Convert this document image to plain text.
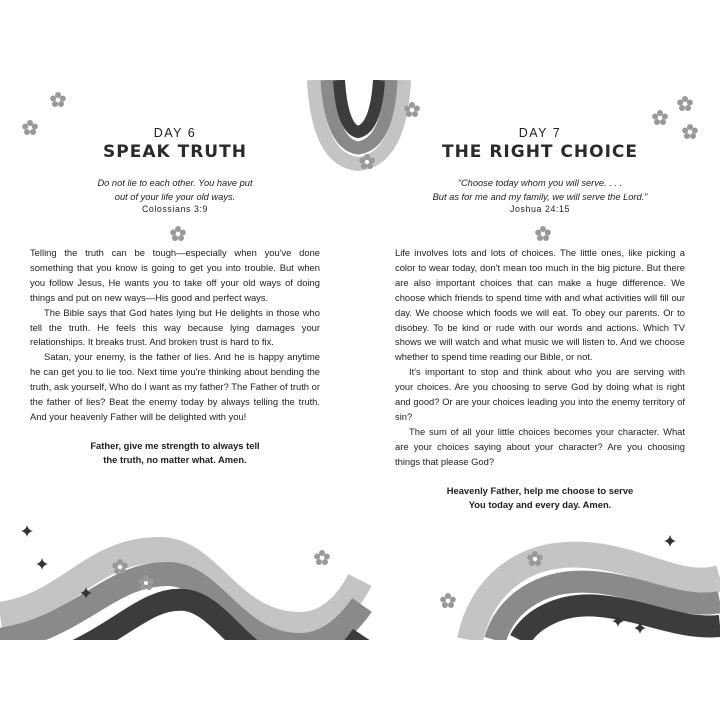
DAY 6
SPEAK TRUTH
Do not lie to each other. You have put
out of your life your old ways.
Colossians 3:9

Telling the truth can be tough—especially when you've done something that you know is going to get you into trouble. But when you follow Jesus, He wants you to take off your old ways of doing things and put on new ways—His good and perfect ways.

The Bible says that God hates lying but He delights in those who tell the truth. He feels this way because lying damages your relationships. It breaks trust. And broken trust is hard to fix.

Satan, your enemy, is the father of lies. And he is happy anytime he can get you to lie too. Next time you're thinking about bending the truth, ask yourself, Who do I want as my father? The Father of truth or the father of lies? Beat the enemy today by always telling the truth. And your heavenly Father will be delighted with you!

Father, give me strength to always tell
the truth, no matter what. Amen.
DAY 7
THE RIGHT CHOICE
“Choose today whom you will serve. . . .
But as for me and my family, we will serve the Lord.”
Joshua 24:15

Life involves lots and lots of choices. The little ones, like picking a color to wear today, don't mean too much in the big picture. But there are also important choices that can make a huge difference. We choose which friends to spend time with and what activities will fill our day. We choose which foods we will eat. To obey our parents. Or to disobey. To be kind or rude with our words and actions. Which TV shows we will watch and what music we will listen to. And we choose whether to spend time reading our Bible, or not.

It's important to stop and think about who you are serving with your choices. Are you choosing to serve God by doing what is right and good? Or are your choices leading you into the enemy territory of sin?

The sum of all your little choices becomes your character. What are your choices saying about your character? Are you choosing things that please God?

Heavenly Father, help me choose to serve
You today and every day. Amen.
